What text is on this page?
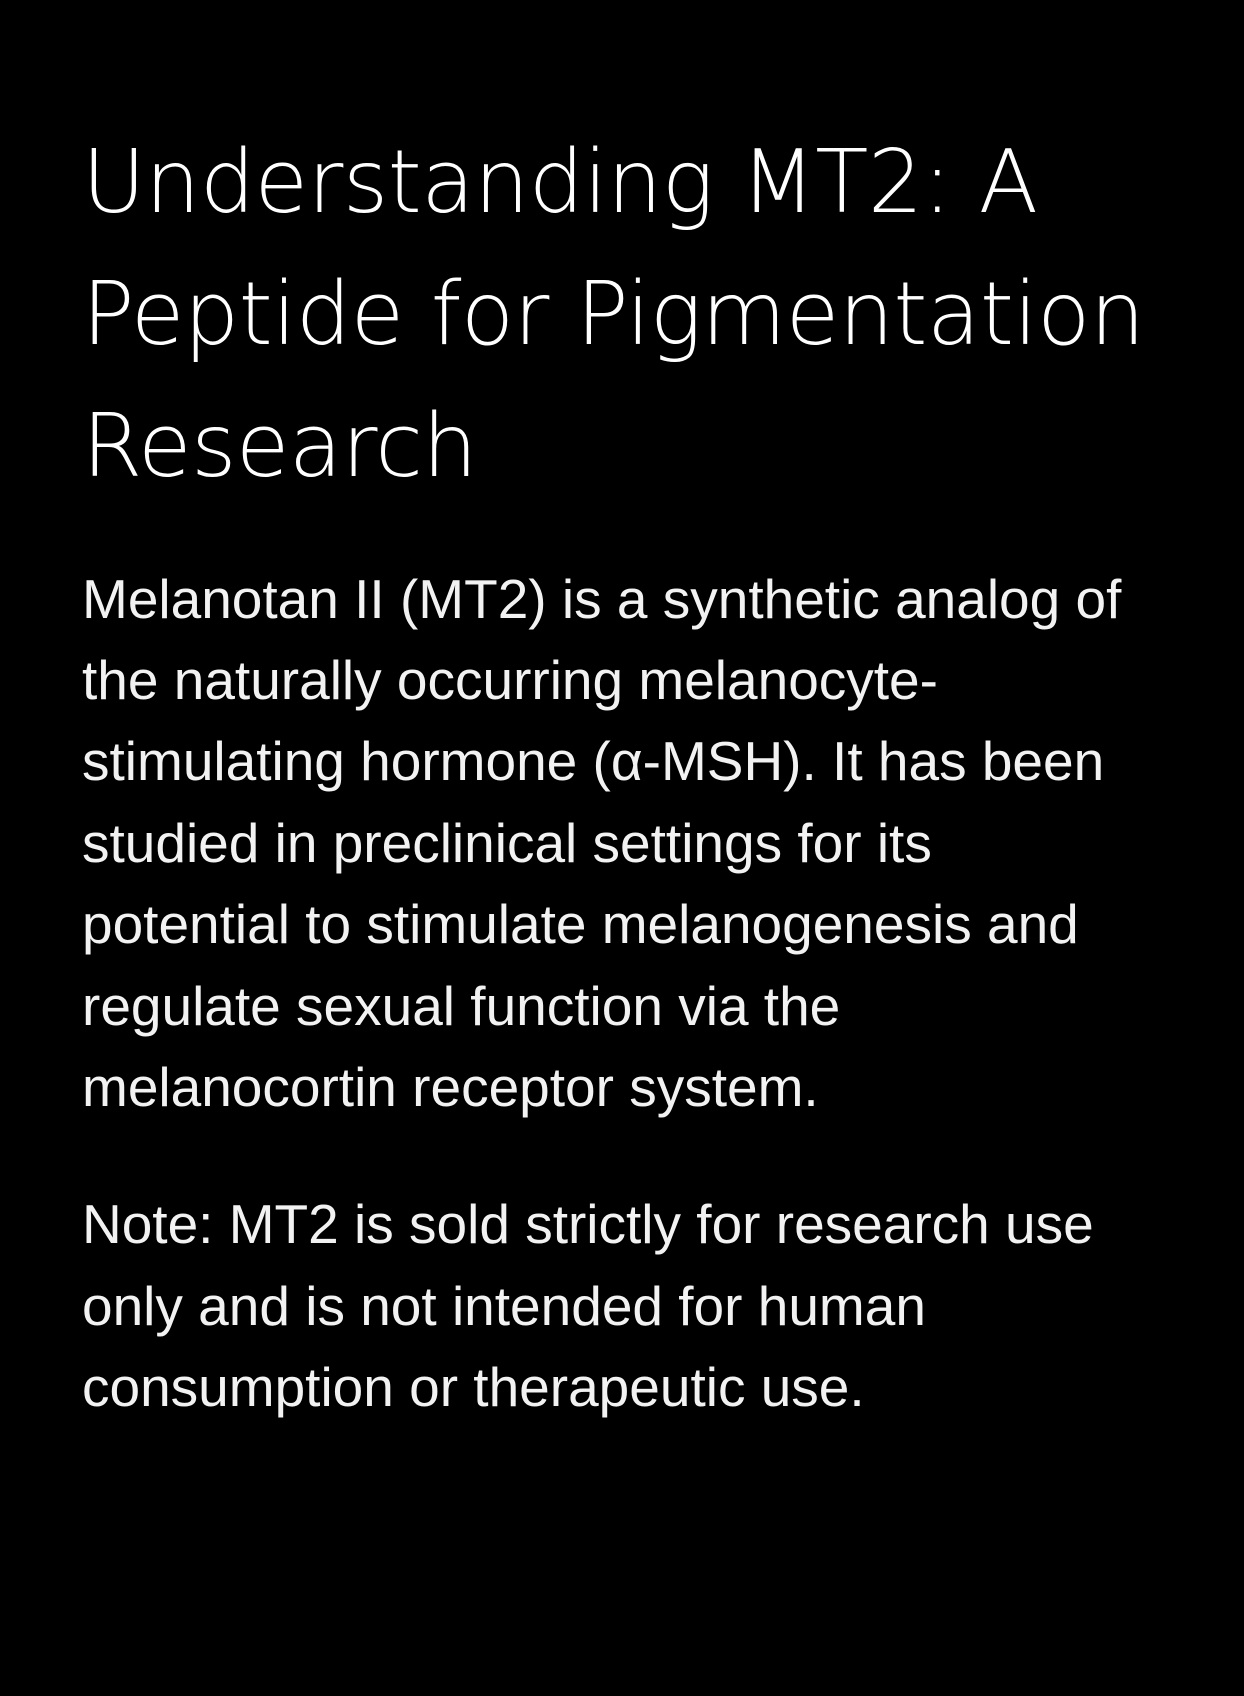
Understanding MT2: A Peptide for Pigmentation Research

Melanotan II (MT2) is a synthetic analog of the naturally occurring melanocyte-stimulating hormone (α-MSH). It has been studied in preclinical settings for its potential to stimulate melanogenesis and regulate sexual function via the melanocortin receptor system.

Note: MT2 is sold strictly for research use only and is not intended for human consumption or therapeutic use.
